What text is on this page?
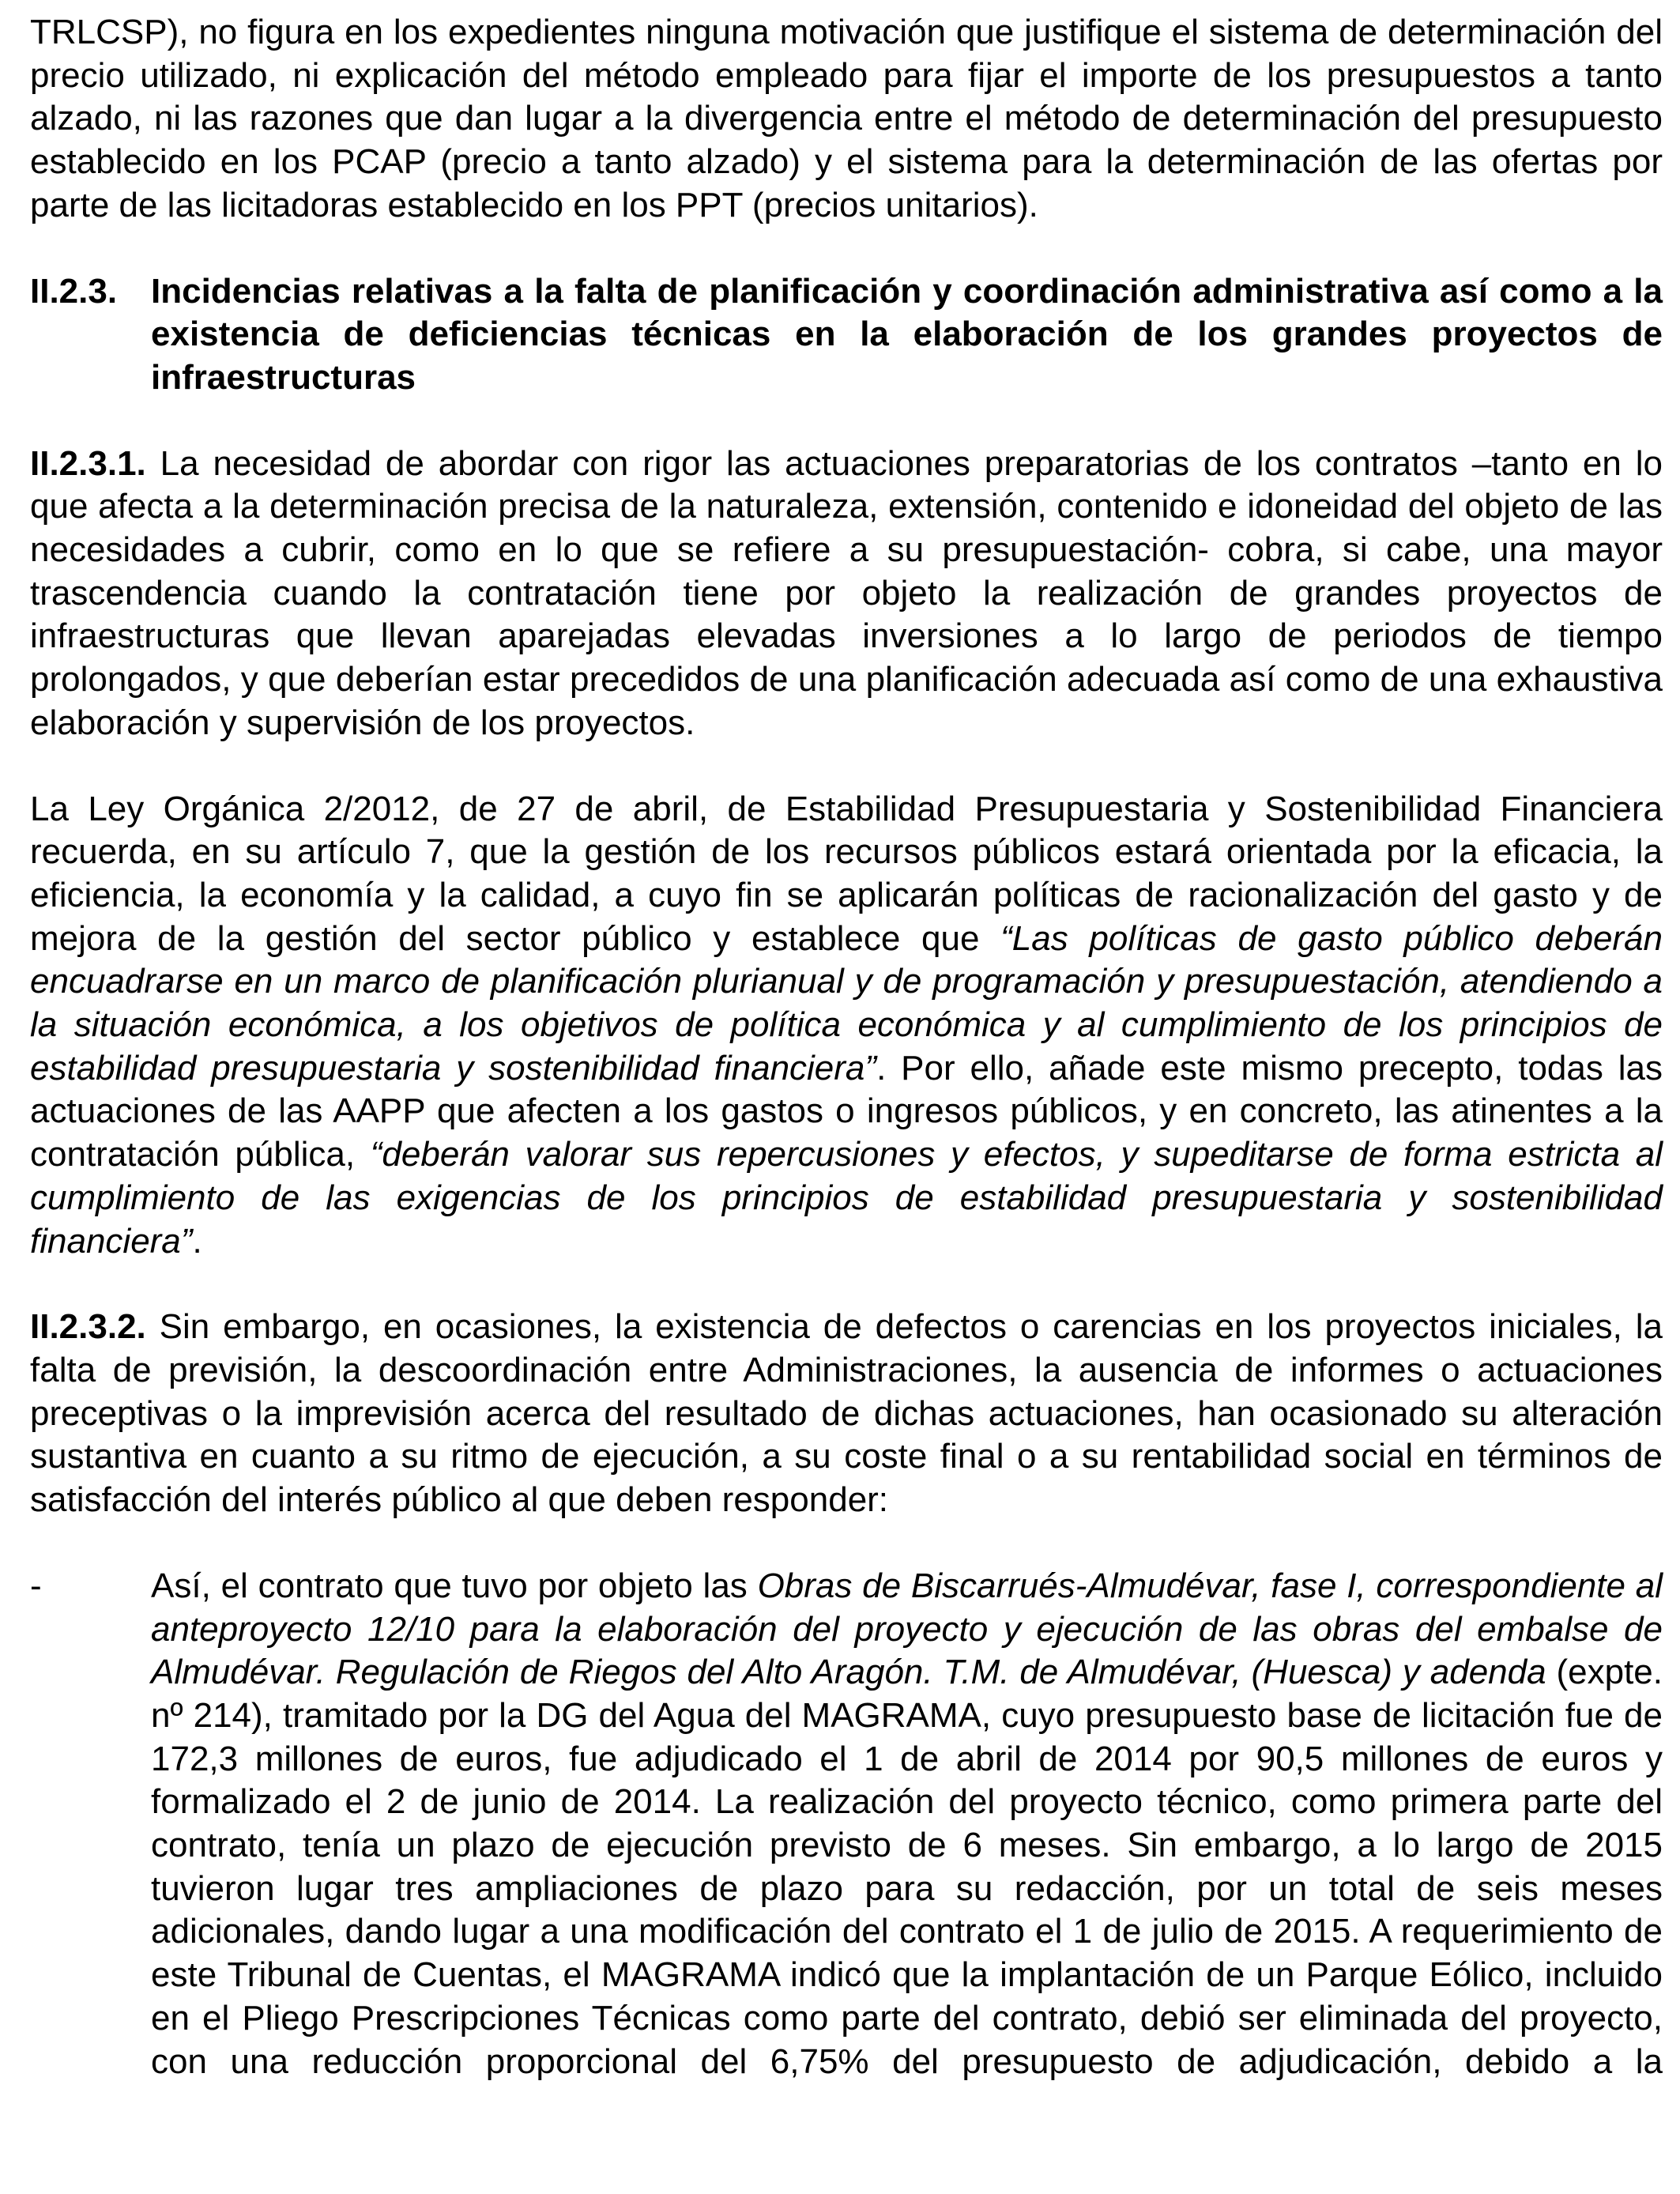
TRLCSP), no figura en los expedientes ninguna motivación que justifique el sistema de determinación del precio utilizado, ni explicación del método empleado para fijar el importe de los presupuestos a tanto alzado, ni las razones que dan lugar a la divergencia entre el método de determinación del presupuesto establecido en los PCAP (precio a tanto alzado) y el sistema para la determinación de las ofertas por parte de las licitadoras establecido en los PPT (precios unitarios).

II.2.3. Incidencias relativas a la falta de planificación y coordinación administrativa así como a la existencia de deficiencias técnicas en la elaboración de los grandes proyectos de infraestructuras

II.2.3.1. La necesidad de abordar con rigor las actuaciones preparatorias de los contratos –tanto en lo que afecta a la determinación precisa de la naturaleza, extensión, contenido e idoneidad del objeto de las necesidades a cubrir, como en lo que se refiere a su presupuestación- cobra, si cabe, una mayor trascendencia cuando la contratación tiene por objeto la realización de grandes proyectos de infraestructuras que llevan aparejadas elevadas inversiones a lo largo de periodos de tiempo prolongados, y que deberían estar precedidos de una planificación adecuada así como de una exhaustiva elaboración y supervisión de los proyectos.

La Ley Orgánica 2/2012, de 27 de abril, de Estabilidad Presupuestaria y Sostenibilidad Financiera recuerda, en su artículo 7, que la gestión de los recursos públicos estará orientada por la eficacia, la eficiencia, la economía y la calidad, a cuyo fin se aplicarán políticas de racionalización del gasto y de mejora de la gestión del sector público y establece que “Las políticas de gasto público deberán encuadrarse en un marco de planificación plurianual y de programación y presupuestación, atendiendo a la situación económica, a los objetivos de política económica y al cumplimiento de los principios de estabilidad presupuestaria y sostenibilidad financiera”. Por ello, añade este mismo precepto, todas las actuaciones de las AAPP que afecten a los gastos o ingresos públicos, y en concreto, las atinentes a la contratación pública, “deberán valorar sus repercusiones y efectos, y supeditarse de forma estricta al cumplimiento de las exigencias de los principios de estabilidad presupuestaria y sostenibilidad financiera”.

II.2.3.2. Sin embargo, en ocasiones, la existencia de defectos o carencias en los proyectos iniciales, la falta de previsión, la descoordinación entre Administraciones, la ausencia de informes o actuaciones preceptivas o la imprevisión acerca del resultado de dichas actuaciones, han ocasionado su alteración sustantiva en cuanto a su ritmo de ejecución, a su coste final o a su rentabilidad social en términos de satisfacción del interés público al que deben responder:

-	Así, el contrato que tuvo por objeto las Obras de Biscarrués-Almudévar, fase I, correspondiente al anteproyecto 12/10 para la elaboración del proyecto y ejecución de las obras del embalse de Almudévar. Regulación de Riegos del Alto Aragón. T.M. de Almudévar, (Huesca) y adenda (expte. nº 214), tramitado por la DG del Agua del MAGRAMA, cuyo presupuesto base de licitación fue de 172,3 millones de euros, fue adjudicado el 1 de abril de 2014 por 90,5 millones de euros y formalizado el 2 de junio de 2014. La realización del proyecto técnico, como primera parte del contrato, tenía un plazo de ejecución previsto de 6 meses. Sin embargo, a lo largo de 2015 tuvieron lugar tres ampliaciones de plazo para su redacción, por un total de seis meses adicionales, dando lugar a una modificación del contrato el 1 de julio de 2015. A requerimiento de este Tribunal de Cuentas, el MAGRAMA indicó que la implantación de un Parque Eólico, incluido en el Pliego Prescripciones Técnicas como parte del contrato, debió ser eliminada del proyecto, con una reducción proporcional del 6,75% del presupuesto de adjudicación, debido a la
